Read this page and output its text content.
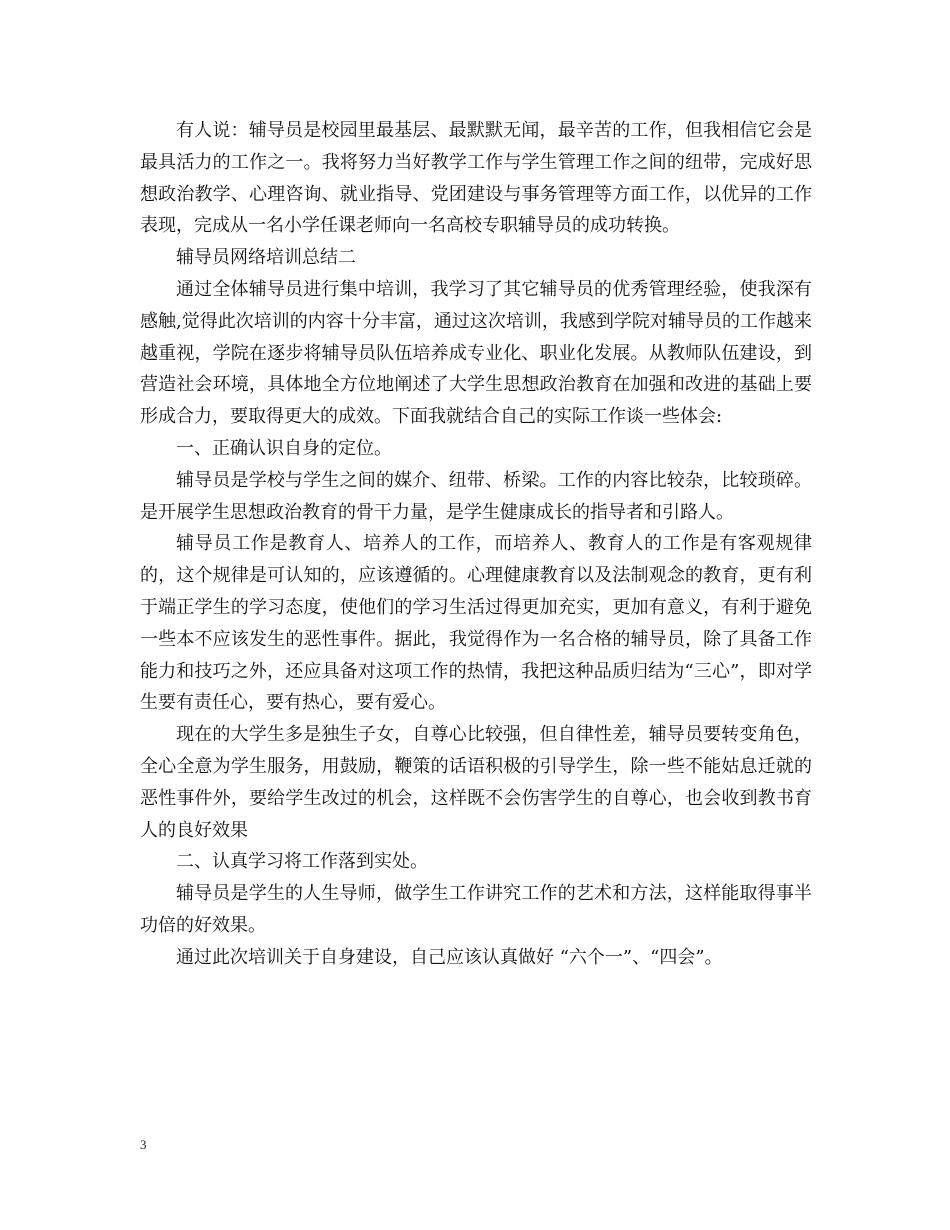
有人说：辅导员是校园里最基层、最默默无闻，最辛苦的工作，但我相信它会是最具活力的工作之一。我将努力当好教学工作与学生管理工作之间的纽带，完成好思想政治教学、心理咨询、就业指导、党团建设与事务管理等方面工作，以优异的工作表现，完成从一名小学任课老师向一名高校专职辅导员的成功转换。

辅导员网络培训总结二

通过全体辅导员进行集中培训，我学习了其它辅导员的优秀管理经验，使我深有感触,觉得此次培训的内容十分丰富，通过这次培训，我感到学院对辅导员的工作越来越重视，学院在逐步将辅导员队伍培养成专业化、职业化发展。从教师队伍建设，到营造社会环境，具体地全方位地阐述了大学生思想政治教育在加强和改进的基础上要形成合力，要取得更大的成效。下面我就结合自己的实际工作谈一些体会:

一、正确认识自身的定位。

辅导员是学校与学生之间的媒介、纽带、桥梁。工作的内容比较杂，比较琐碎。是开展学生思想政治教育的骨干力量，是学生健康成长的指导者和引路人。

辅导员工作是教育人、培养人的工作，而培养人、教育人的工作是有客观规律的，这个规律是可认知的，应该遵循的。心理健康教育以及法制观念的教育，更有利于端正学生的学习态度，使他们的学习生活过得更加充实，更加有意义，有利于避免一些本不应该发生的恶性事件。据此，我觉得作为一名合格的辅导员，除了具备工作能力和技巧之外，还应具备对这项工作的热情，我把这种品质归结为“三心”，即对学生要有责任心，要有热心，要有爱心。

现在的大学生多是独生子女，自尊心比较强，但自律性差，辅导员要转变角色，全心全意为学生服务，用鼓励，鞭策的话语积极的引导学生，除一些不能姑息迁就的恶性事件外，要给学生改过的机会，这样既不会伤害学生的自尊心，也会收到教书育人的良好效果

二、认真学习将工作落到实处。

辅导员是学生的人生导师，做学生工作讲究工作的艺术和方法，这样能取得事半功倍的好效果。

通过此次培训关于自身建设，自己应该认真做好 “六个一”、“四会”。

3
